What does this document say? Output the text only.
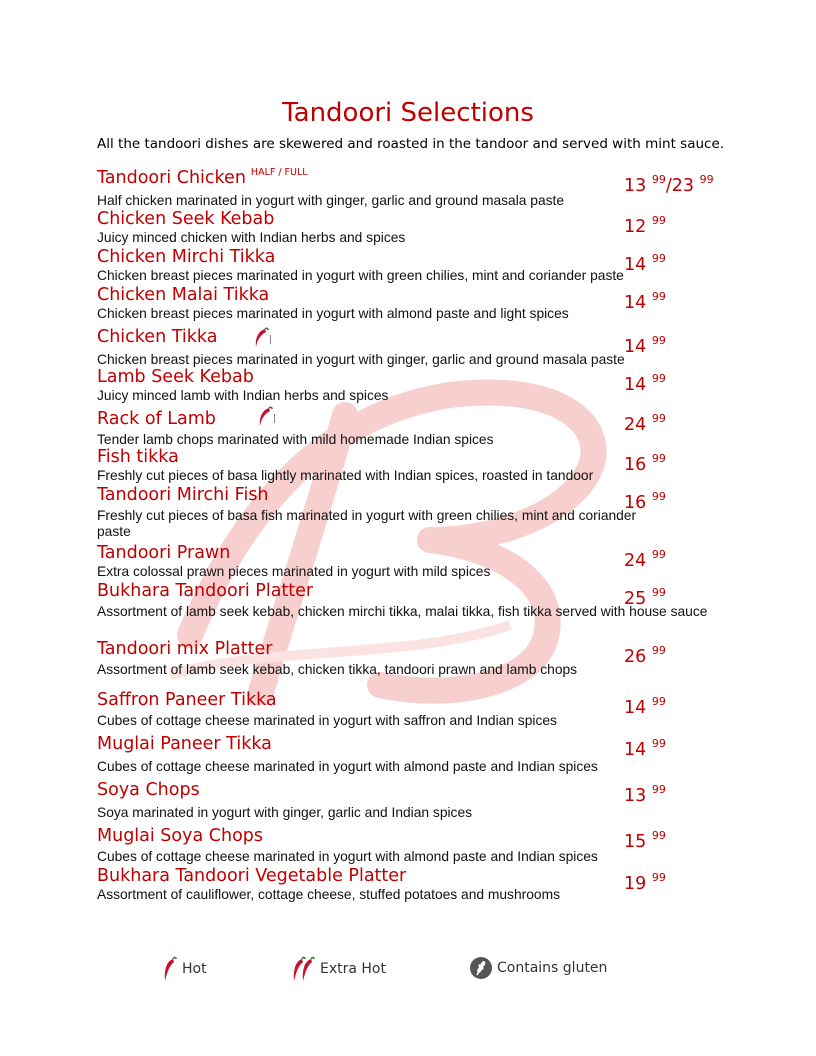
Tandoori Selections

All the tandoori dishes are skewered and roasted in the tandoor and served with mint sauce.

Tandoori Chicken $^{HALF / FULL}$
13 $^{99}$/23 $^{99}$

Half chicken marinated in yogurt with ginger, garlic and ground masala paste

Chicken Seek Kebab	12 $^{99}$

Juicy minced chicken with Indian herbs and spices

Chicken Mirchi Tikka	14 $^{99}$

Chicken breast pieces marinated in yogurt with green chilies, mint and coriander paste

Chicken Malai Tikka	14 $^{99}$

Chicken breast pieces marinated in yogurt with almond paste and light spices

Chicken Tikka	14 $^{99}$

Chicken breast pieces marinated in yogurt with ginger, garlic and ground masala paste

Lamb Seek Kebab	14 $^{99}$

Juicy minced lamb with Indian herbs and spices

Rack of Lamb	24 $^{99}$

Tender lamb chops marinated with mild homemade Indian spices

Fish tikka	16 $^{99}$

Freshly cut pieces of basa lightly marinated with Indian spices, roasted in tandoor

Tandoori Mirchi Fish	16 $^{99}$

Freshly cut pieces of basa fish marinated in yogurt with green chilies, mint and coriander paste

Tandoori Prawn	24 $^{99}$

Extra colossal prawn pieces marinated in yogurt with mild spices

Bukhara Tandoori Platter	25 $^{99}$

Assortment of lamb seek kebab, chicken mirchi tikka, malai tikka, fish tikka served with house sauce

Tandoori mix Platter	26 $^{99}$

Assortment of lamb seek kebab, chicken tikka, tandoori prawn and lamb chops

Saffron Paneer Tikka	14 $^{99}$

Cubes of cottage cheese marinated in yogurt with saffron and Indian spices

Muglai Paneer Tikka	14 $^{99}$

Cubes of cottage cheese marinated in yogurt with almond paste and Indian spices

Soya Chops	13 $^{99}$

Soya marinated in yogurt with ginger, garlic and Indian spices

Muglai Soya Chops	15 $^{99}$

Cubes of cottage cheese marinated in yogurt with almond paste and Indian spices

Bukhara Tandoori Vegetable Platter	19 $^{99}$

Assortment of cauliflower, cottage cheese, stuffed potatoes and mushrooms

Hot	Extra Hot	Contains gluten
